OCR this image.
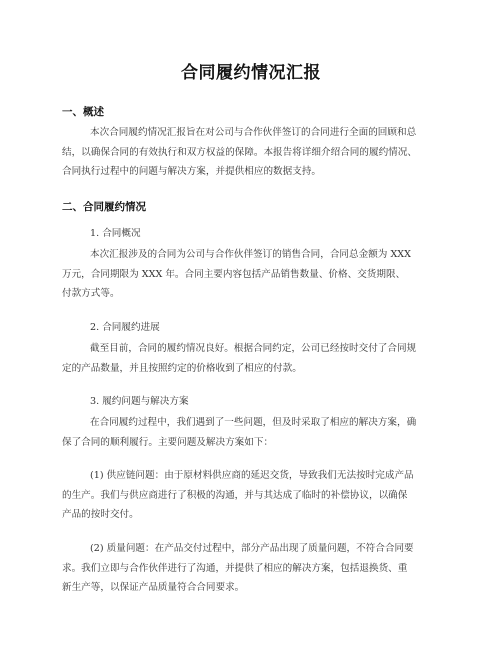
合同履约情况汇报
一、概述
本次合同履约情况汇报旨在对公司与合作伙伴签订的合同进行全面的回顾和总
结，以确保合同的有效执行和双方权益的保障。本报告将详细介绍合同的履约情况、
合同执行过程中的问题与解决方案，并提供相应的数据支持。
二、合同履约情况
1. 合同概况
本次汇报涉及的合同为公司与合作伙伴签订的销售合同，合同总金额为 XXX
万元，合同期限为 XXX 年。合同主要内容包括产品销售数量、价格、交货期限、
付款方式等。
2. 合同履约进展
截至目前，合同的履约情况良好。根据合同约定，公司已经按时交付了合同规
定的产品数量，并且按照约定的价格收到了相应的付款。
3. 履约问题与解决方案
在合同履约过程中，我们遇到了一些问题，但及时采取了相应的解决方案，确
保了合同的顺利履行。主要问题及解决方案如下：
(1) 供应链问题：由于原材料供应商的延迟交货，导致我们无法按时完成产品
的生产。我们与供应商进行了积极的沟通，并与其达成了临时的补偿协议，以确保
产品的按时交付。
(2) 质量问题：在产品交付过程中，部分产品出现了质量问题，不符合合同要
求。我们立即与合作伙伴进行了沟通，并提供了相应的解决方案，包括退换货、重
新生产等，以保证产品质量符合合同要求。
